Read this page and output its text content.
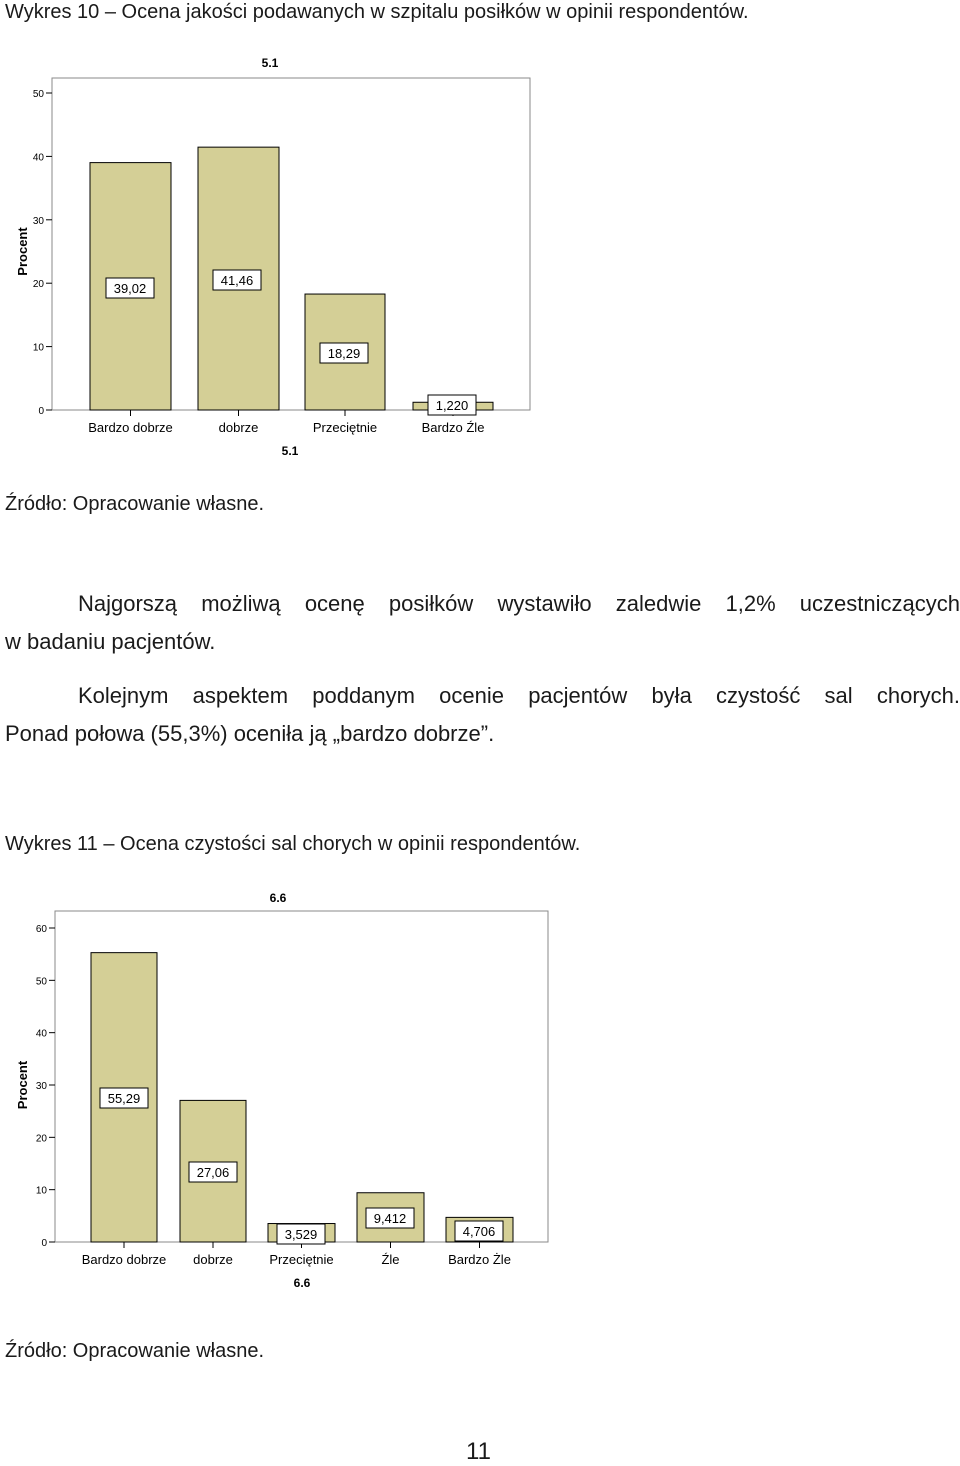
Wykres 10 – Ocena jakości podawanych w szpitalu posiłków w opinii respondentów.
5.1
Procent
0
10
20
30
40
50
Bardzo dobrze	dobrze	Przeciętnie	Bardzo Źle
39,02
41,46
18,29
1,220
5.1
Źródło: Opracowanie własne.
Najgorszą możliwą ocenę posiłków wystawiło zaledwie 1,2% uczestniczących
w badaniu pacjentów.
Kolejnym aspektem poddanym ocenie pacjentów była czystość sal chorych.
Ponad połowa (55,3%) oceniła ją „bardzo dobrze”.
Wykres 11 – Ocena czystości sal chorych w opinii respondentów.
6.6
Procent
0
10
20
30
40
50
60
Bardzo dobrze dobrze	Przeciętnie	Źle	Bardzo Żle
55,29
27,06
3,529
9,412
4,706
6.6
Źródło: Opracowanie własne.
11
